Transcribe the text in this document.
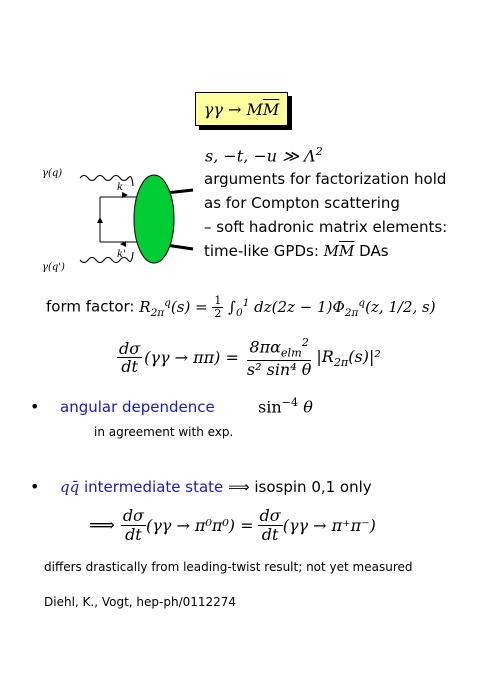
γγ → M $\overline{M}$
γ(q)
γ(q')
k
k'
s, −t, −u ≫ $\Lambda^2$
arguments for factorization hold
as for Compton scattering
– soft hadronic matrix elements:
time-like GPDs: $M\overline{M}$ DAs
form factor: $R_{2\pi}^q(s) = \frac{1}{2} \int_0^1$ $dz(2z - 1)\Phi_{2\pi}^q(z$, 1/2, s)
$\frac{d\sigma}{dt} (\gamma\gamma \to \pi\pi) = \frac{8\pi\alpha_{elm}^2}{\text{s² sin⁴ θ}} |R_{2\pi}(s)|^2$
• angular dependence	$\sin^{-4} \theta$
in agreement with exp.
• qq̄ intermediate state ⟹ isospin 0,1 only
⟹ $\frac{d\sigma}{dt} (\gamma\gamma \to \pi^0\pi^0) = \frac{d\sigma}{dt} (\gamma\gamma \to \pi^+\pi^-)$
differs drastically from leading-twist result; not yet measured
Diehl, K., Vogt, hep-ph/0112274
